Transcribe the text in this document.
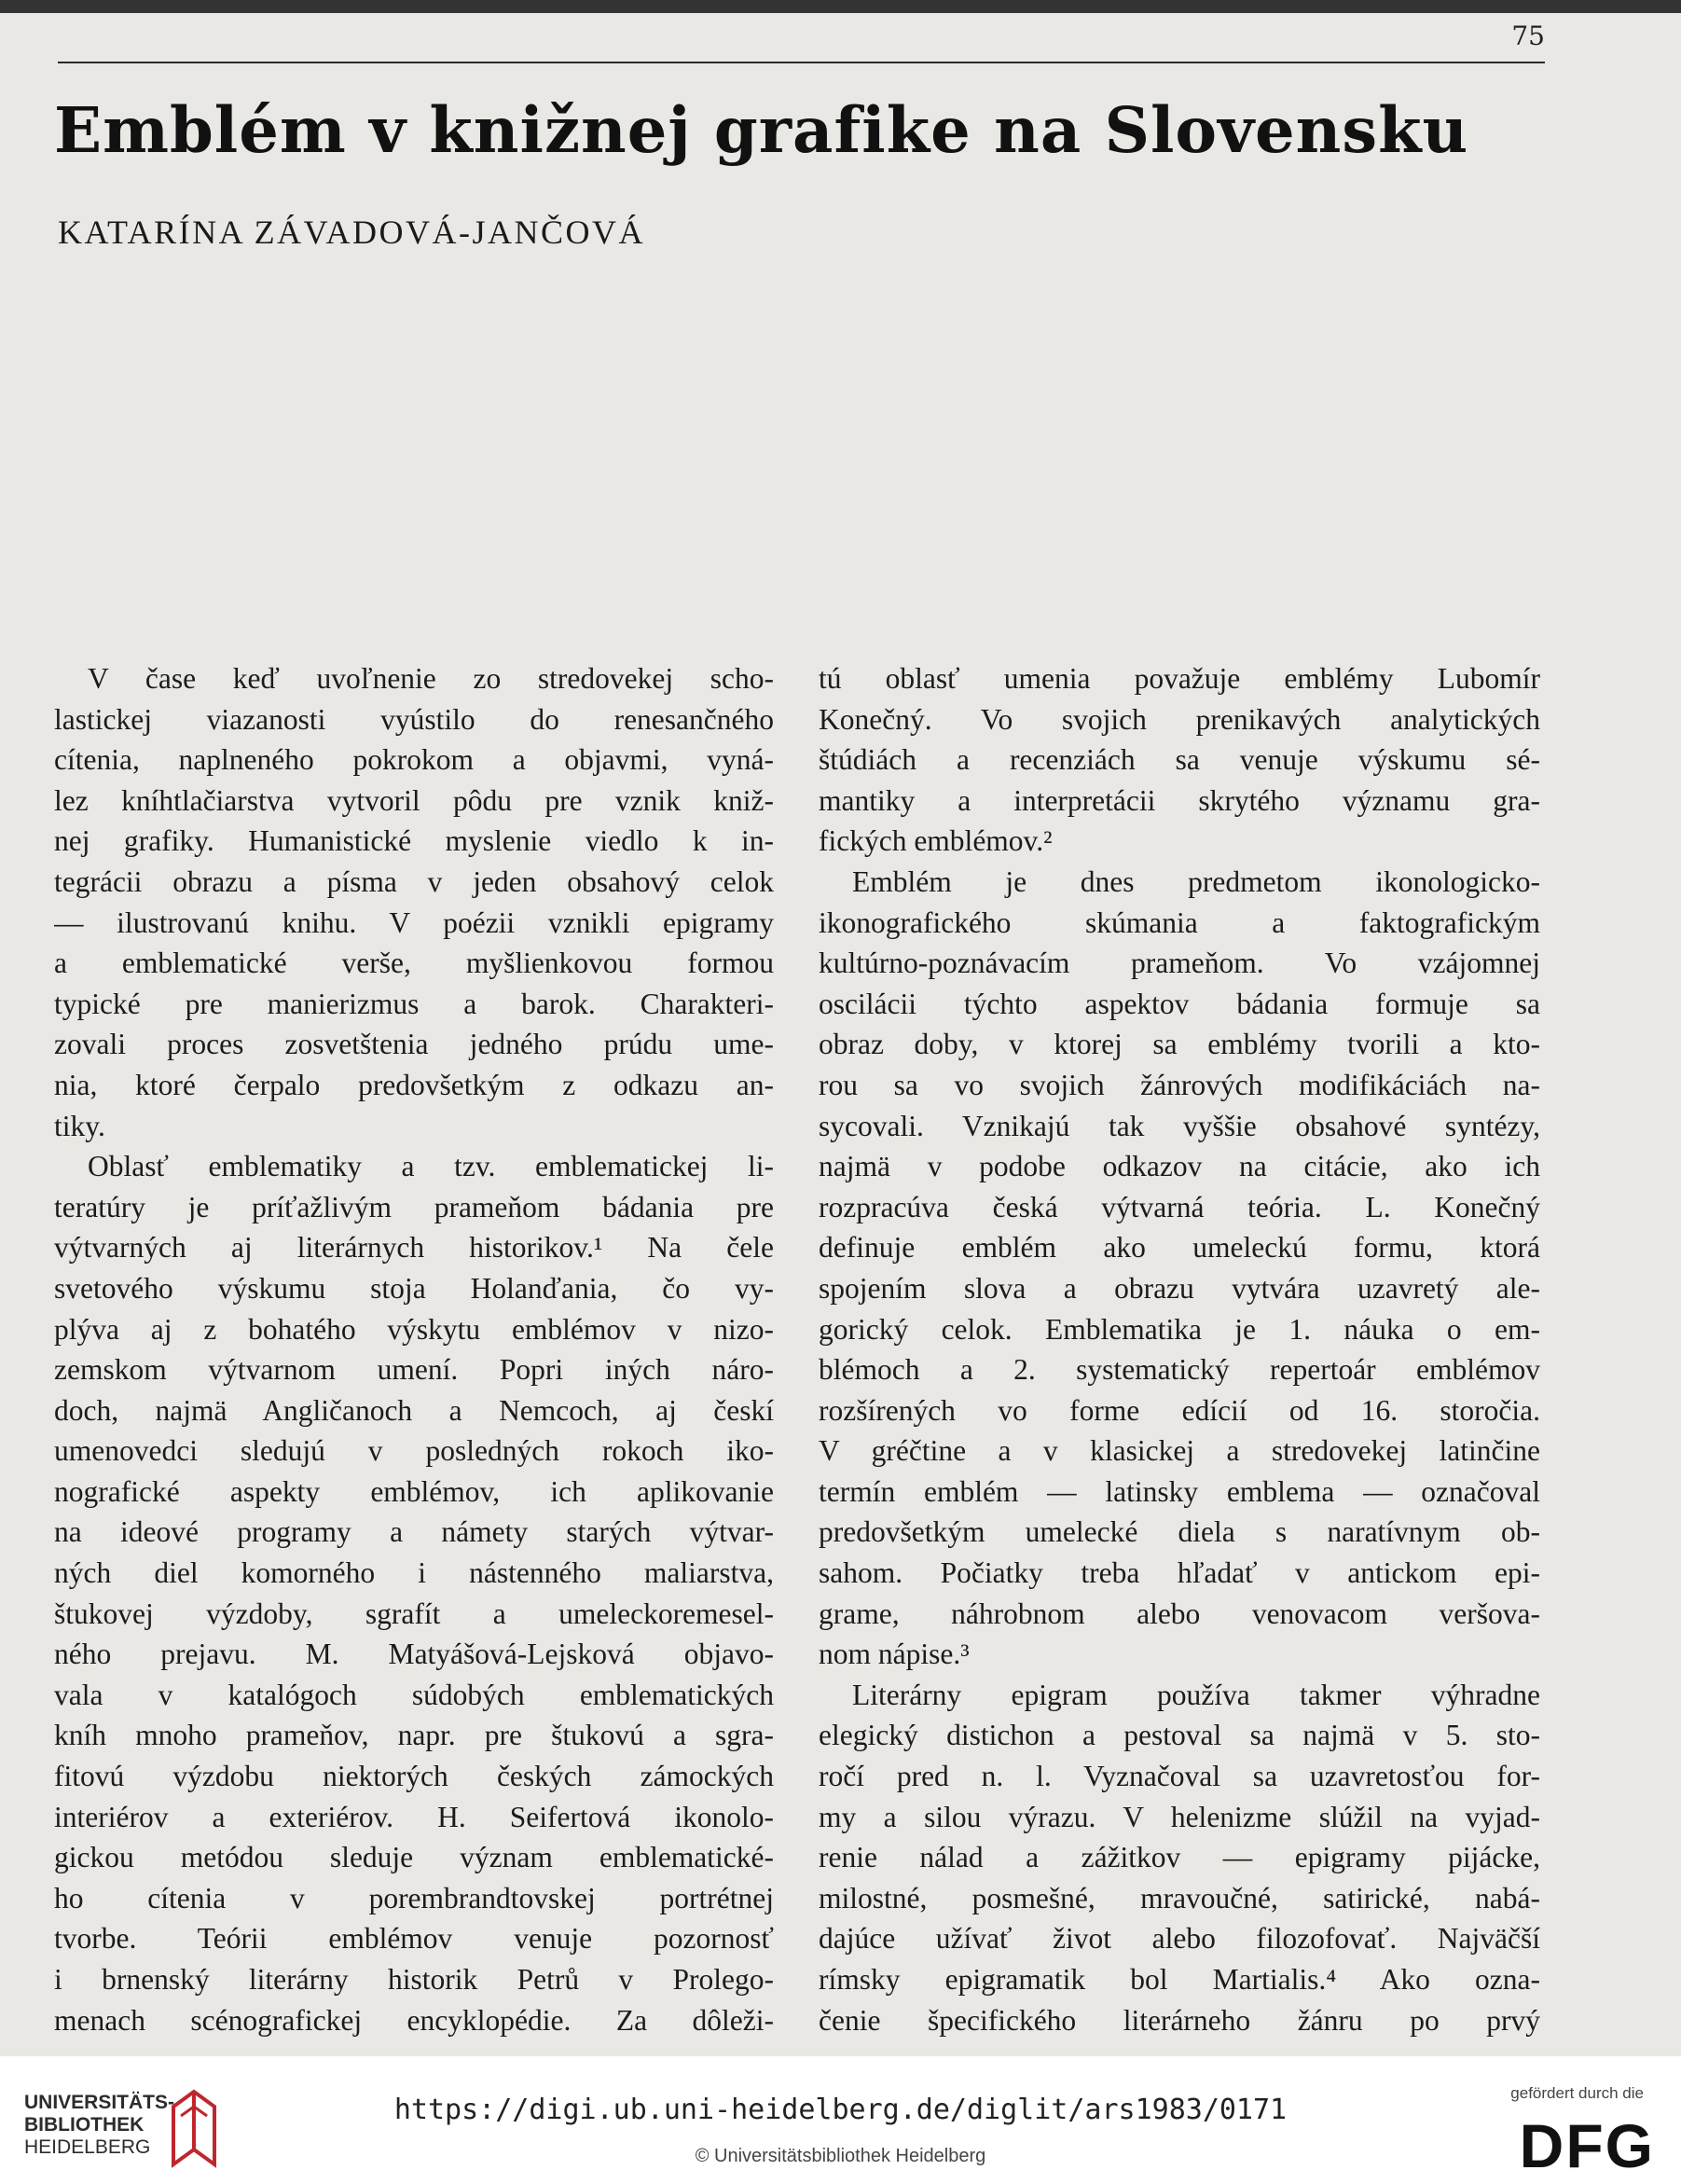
75
Emblém v knižnej grafike na Slovensku
KATARÍNA ZÁVADOVÁ-JANČOVÁ
V čase keď uvoľnenie zo stredovekej scho-
lastickej viazanosti vyústilo do renesančného
cítenia, naplneného pokrokom a objavmi, vyná-
lez kníhtlačiarstva vytvoril pôdu pre vznik kniž-
nej grafiky. Humanistické myslenie viedlo k in-
tegrácii obrazu a písma v jeden obsahový celok
— ilustrovanú knihu. V poézii vznikli epigramy
a emblematické verše, myšlienkovou formou
typické pre manierizmus a barok. Charakteri-
zovali proces zosvetštenia jedného prúdu ume-
nia, ktoré čerpalo predovšetkým z odkazu an-
tiky.
Oblasť emblematiky a tzv. emblematickej li-
teratúry je príťažlivým prameňom bádania pre
výtvarných aj literárnych historikov.¹ Na čele
svetového výskumu stoja Holanďania, čo vy-
plýva aj z bohatého výskytu emblémov v nizo-
zemskom výtvarnom umení. Popri iných náro-
doch, najmä Angličanoch a Nemcoch, aj českí
umenovedci sledujú v posledných rokoch iko-
nografické aspekty emblémov, ich aplikovanie
na ideové programy a námety starých výtvar-
ných diel komorného i nástenného maliarstva,
štukovej výzdoby, sgrafít a umeleckoremesel-
ného prejavu. M. Matyášová-Lejsková objavo-
vala v katalógoch súdobých emblematických
kníh mnoho prameňov, napr. pre štukovú a sgra-
fitovú výzdobu niektorých českých zámockých
interiérov a exteriérov. H. Seifertová ikonolo-
gickou metódou sleduje význam emblematické-
ho cítenia v porembrandtovskej portrétnej
tvorbe. Teórii emblémov venuje pozornosť
i brnenský literárny historik Petrů v Prolego-
menach scénografickej encyklopédie. Za dôleži-
tú oblasť umenia považuje emblémy Lubomír
Konečný. Vo svojich prenikavých analytických
štúdiách a recenziách sa venuje výskumu sé-
mantiky a interpretácii skrytého významu gra-
fických emblémov.²
Emblém je dnes predmetom ikonologicko-
ikonografického skúmania a faktografickým
kultúrno-poznávacím prameňom. Vo vzájomnej
oscilácii týchto aspektov bádania formuje sa
obraz doby, v ktorej sa emblémy tvorili a kto-
rou sa vo svojich žánrových modifikáciách na-
sycovali. Vznikajú tak vyššie obsahové syntézy,
najmä v podobe odkazov na citácie, ako ich
rozpracúva česká výtvarná teória. L. Konečný
definuje emblém ako umeleckú formu, ktorá
spojením slova a obrazu vytvára uzavretý ale-
gorický celok. Emblematika je 1. náuka o em-
blémoch a 2. systematický repertoár emblémov
rozšírených vo forme edícií od 16. storočia.
V gréčtine a v klasickej a stredovekej latinčine
termín emblém — latinsky emblema — označoval
predovšetkým umelecké diela s naratívnym ob-
sahom. Počiatky treba hľadať v antickom epi-
grame, náhrobnom alebo venovacom veršova-
nom nápise.³
Literárny epigram používa takmer výhradne
elegický distichon a pestoval sa najmä v 5. sto-
ročí pred n. l. Vyznačoval sa uzavretosťou for-
my a silou výrazu. V helenizme slúžil na vyjad-
renie nálad a zážitkov — epigramy pijácke,
milostné, posmešné, mravoučné, satirické, nabá-
dajúce užívať život alebo filozofovať. Najväčší
rímsky epigramatik bol Martialis.⁴ Ako ozna-
čenie špecifického literárneho žánru po prvý
UNIVERSITÄTS-
BIBLIOTHEK
HEIDELBERG
https://digi.ub.uni-heidelberg.de/diglit/ars1983/0171
© Universitätsbibliothek Heidelberg
gefördert durch die
DFG
